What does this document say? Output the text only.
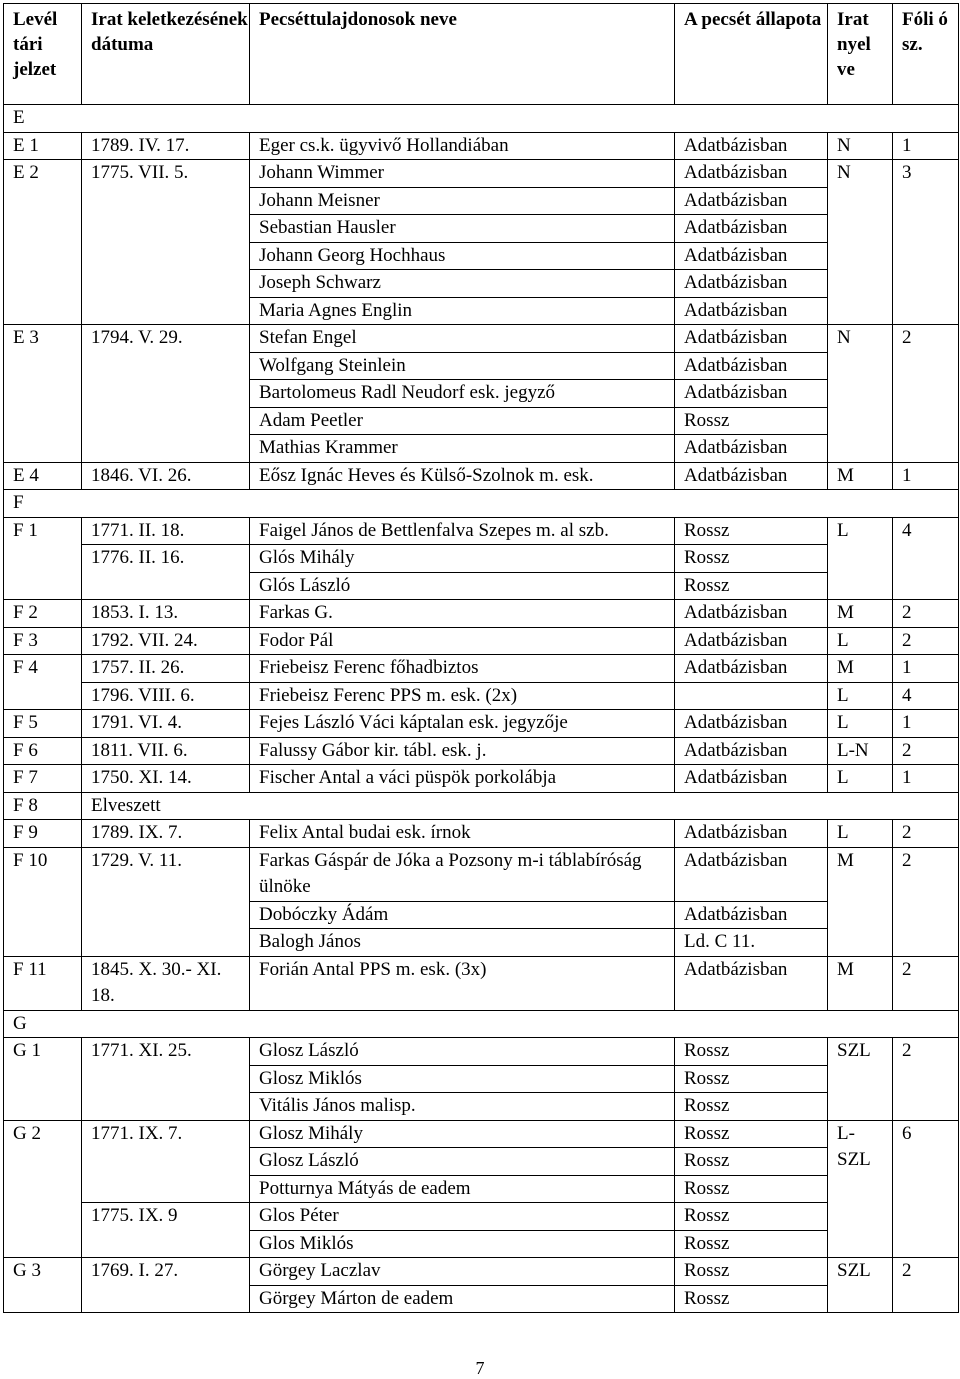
Levél tári jelzet	Irat keletkezésének dátuma	Pecséttulajdonosok neve	A pecsét állapota	Irat nyel ve	Fóli ó sz.
E					
E 1	1789. IV. 17.	Eger cs.k. ügyvivő Hollandiában	Adatbázisban	N	1
E 2	1775. VII. 5.	Johann Wimmer	Adatbázisban	N	3
		Johann Meisner	Adatbázisban		
		Sebastian Hausler	Adatbázisban		
		Johann Georg Hochhaus	Adatbázisban		
		Joseph Schwarz	Adatbázisban		
		Maria Agnes Englin	Adatbázisban		
E 3	1794. V. 29.	Stefan Engel	Adatbázisban	N	2
		Wolfgang Steinlein	Adatbázisban		
		Bartolomeus Radl Neudorf esk. jegyző	Adatbázisban		
		Adam Peetler	Rossz		
		Mathias Krammer	Adatbázisban		
E 4	1846. VI. 26.	Eősz Ignác Heves és Külső-Szolnok m. esk.	Adatbázisban	M	1
F					
F 1	1771. II. 18.	Faigel János de Bettlenfalva Szepes m. al szb.	Rossz	L	4
	1776. II. 16.	Glós Mihály	Rossz		
		Glós László	Rossz		
F 2	1853. I. 13.	Farkas G.	Adatbázisban	M	2
F 3	1792. VII. 24.	Fodor Pál	Adatbázisban	L	2
F 4	1757. II. 26.	Friebeisz Ferenc főhadbiztos	Adatbázisban	M	1
	1796. VIII. 6.	Friebeisz Ferenc PPS m. esk. (2x)		L	4
F 5	1791. VI. 4.	Fejes László Váci káptalan esk. jegyzője	Adatbázisban	L	1
F 6	1811. VII. 6.	Falussy Gábor kir. tábl. esk. j.	Adatbázisban	L-N	2
F 7	1750. XI. 14.	Fischer Antal a váci püspök porkolábja	Adatbázisban	L	1
F 8	Elveszett				
F 9	1789. IX. 7.	Felix Antal budai esk. írnok	Adatbázisban	L	2
F 10	1729. V. 11.	Farkas Gáspár de Jóka a Pozsony m-i táblabíróság ülnöke	Adatbázisban	M	2
		Dobóczky Ádám	Adatbázisban		
		Balogh János	Ld. C 11.		
F 11	1845. X. 30.- XI. 18.	Forián Antal PPS m. esk. (3x)	Adatbázisban	M	2
G					
G 1	1771. XI. 25.	Glosz László	Rossz	SZL	2
		Glosz Miklós	Rossz		
		Vitális János malisp.	Rossz		
G 2	1771. IX. 7.	Glosz Mihály	Rossz	L- SZL	6
		Glosz László	Rossz		
		Potturnya Mátyás de eadem	Rossz		
	1775. IX. 9	Glos Péter	Rossz		
		Glos Miklós	Rossz		
G 3	1769. I. 27.	Görgey Laczlav	Rossz	SZL	2
		Görgey Márton de eadem	Rossz		
7
